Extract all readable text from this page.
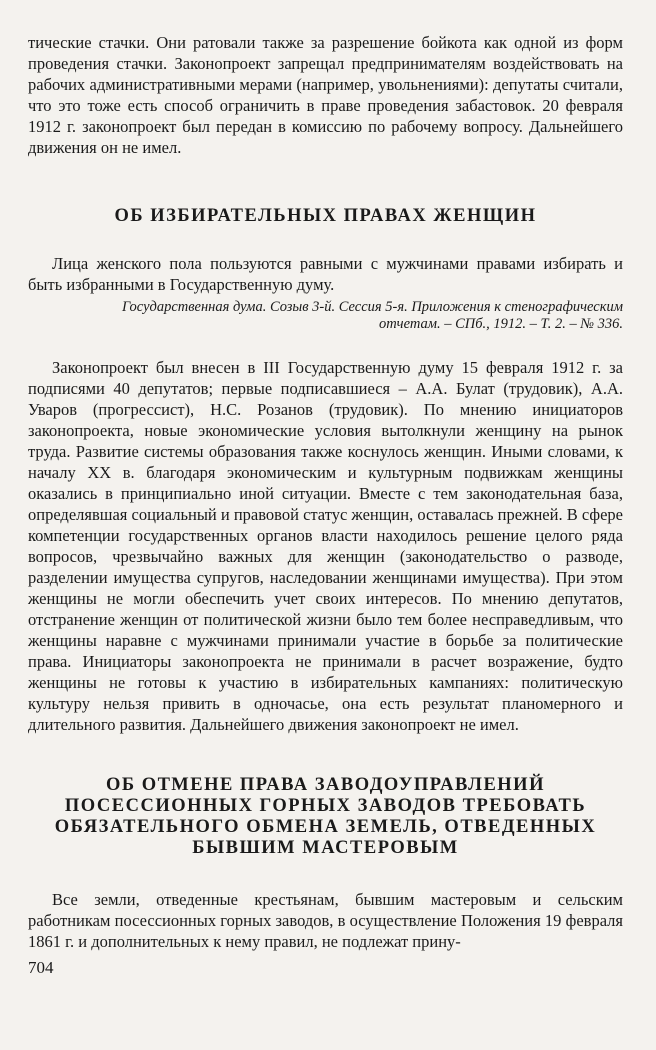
тические стачки. Они ратовали также за разрешение бойкота как одной из форм проведения стачки. Законопроект запрещал предпринимателям воздействовать на рабочих административными мерами (например, увольнениями): депутаты считали, что это тоже есть способ ограничить в праве проведения забастовок. 20 февраля 1912 г. законопроект был передан в комиссию по рабочему вопросу. Дальнейшего движения он не имел.

ОБ ИЗБИРАТЕЛЬНЫХ ПРАВАХ ЖЕНЩИН

Лица женского пола пользуются равными с мужчинами правами избирать и быть избранными в Государственную думу.

Государственная дума. Созыв 3-й. Сессия 5-я. Приложения к стенографическим
отчетам. – СПб., 1912. – Т. 2. – № 336.

Законопроект был внесен в III Государственную думу 15 февраля 1912 г. за подписями 40 депутатов; первые подписавшиеся – А.А. Булат (трудовик), А.А. Уваров (прогрессист), Н.С. Розанов (трудовик). По мнению инициаторов законопроекта, новые экономические условия вытолкнули женщину на рынок труда. Развитие системы образования также коснулось женщин. Иными словами, к началу XX в. благодаря экономическим и культурным подвижкам женщины оказались в принципиально иной ситуации. Вместе с тем законодательная база, определявшая социальный и правовой статус женщин, оставалась прежней. В сфере компетенции государственных органов власти находилось решение целого ряда вопросов, чрезвычайно важных для женщин (законодательство о разводе, разделении имущества супругов, наследовании женщинами имущества). При этом женщины не могли обеспечить учет своих интересов. По мнению депутатов, отстранение женщин от политической жизни было тем более несправедливым, что женщины наравне с мужчинами принимали участие в борьбе за политические права. Инициаторы законопроекта не принимали в расчет возражение, будто женщины не готовы к участию в избирательных кампаниях: политическую культуру нельзя привить в одночасье, она есть результат планомерного и длительного развития. Дальнейшего движения законопроект не имел.

ОБ ОТМЕНЕ ПРАВА ЗАВОДОУПРАВЛЕНИЙ
ПОСЕССИОННЫХ ГОРНЫХ ЗАВОДОВ ТРЕБОВАТЬ
ОБЯЗАТЕЛЬНОГО ОБМЕНА ЗЕМЕЛЬ, ОТВЕДЕННЫХ
БЫВШИМ МАСТЕРОВЫМ

Все земли, отведенные крестьянам, бывшим мастеровым и сельским работникам посессионных горных заводов, в осуществление Положения 19 февраля 1861 г. и дополнительных к нему правил, не подлежат прину-

704
